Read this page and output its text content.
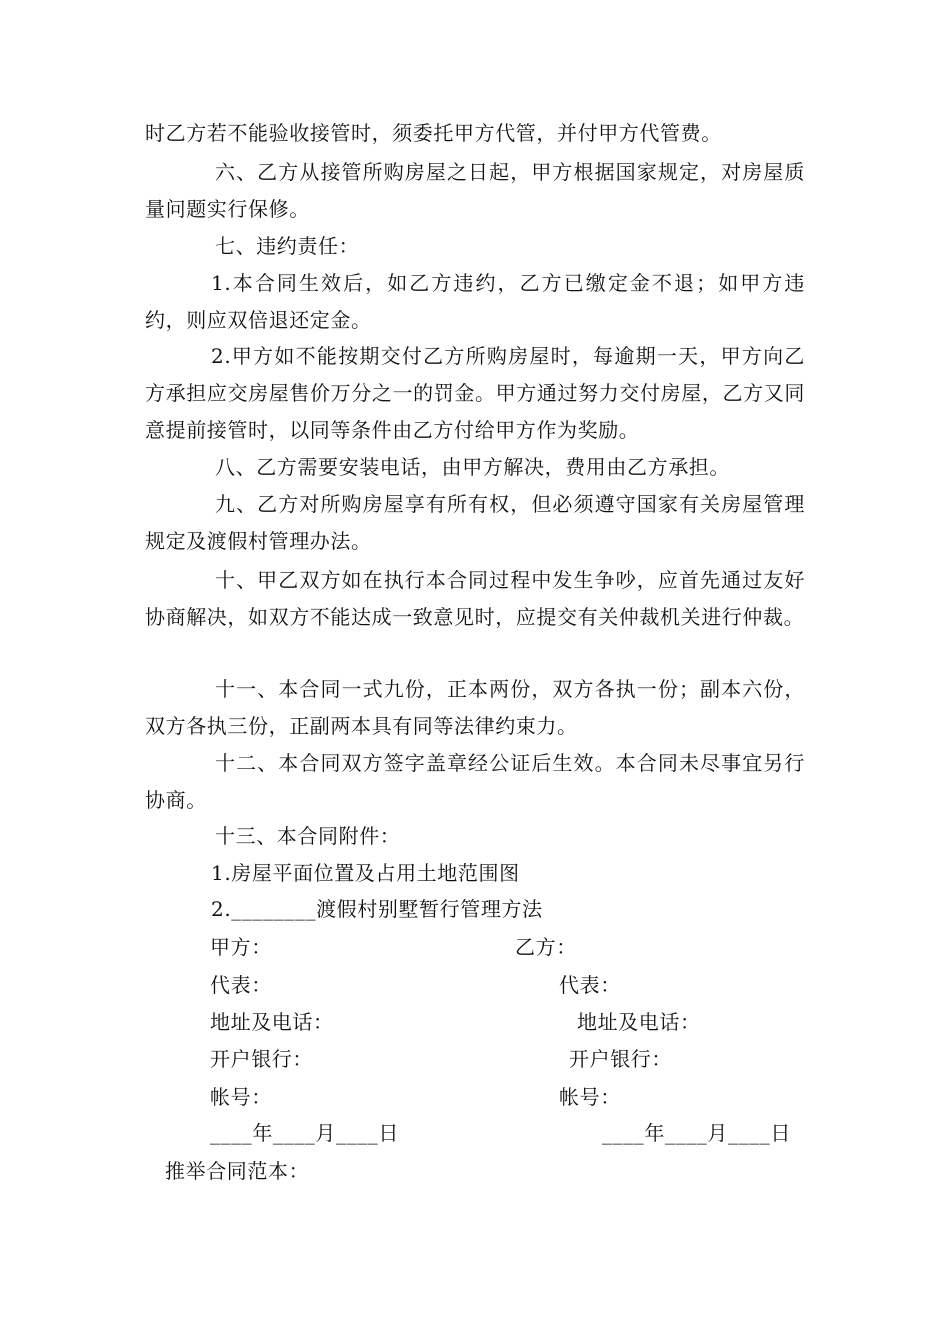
时乙方若不能验收接管时，须委托甲方代管，并付甲方代管费。

六、乙方从接管所购房屋之日起，甲方根据国家规定，对房屋质量问题实行保修。

七、违约责任：

1.本合同生效后，如乙方违约，乙方已缴定金不退；如甲方违约，则应双倍退还定金。

2.甲方如不能按期交付乙方所购房屋时，每逾期一天，甲方向乙方承担应交房屋售价万分之一的罚金。甲方通过努力交付房屋，乙方又同意提前接管时，以同等条件由乙方付给甲方作为奖励。

八、乙方需要安装电话，由甲方解决，费用由乙方承担。

九、乙方对所购房屋享有所有权，但必须遵守国家有关房屋管理规定及渡假村管理办法。

十、甲乙双方如在执行本合同过程中发生争吵，应首先通过友好协商解决，如双方不能达成一致意见时，应提交有关仲裁机关进行仲裁。

十一、本合同一式九份，正本两份，双方各执一份；副本六份，双方各执三份，正副两本具有同等法律约束力。

十二、本合同双方签字盖章经公证后生效。本合同未尽事宜另行协商。

十三、本合同附件：

1.房屋平面位置及占用土地范围图

2.________渡假村别墅暂行管理方法

甲方：

代表：

地址及电话：

开户银行：

帐号：

____年____月____日

乙方：

代表：

地址及电话：

开户银行：

帐号：

____年____月____日

推举合同范本：
